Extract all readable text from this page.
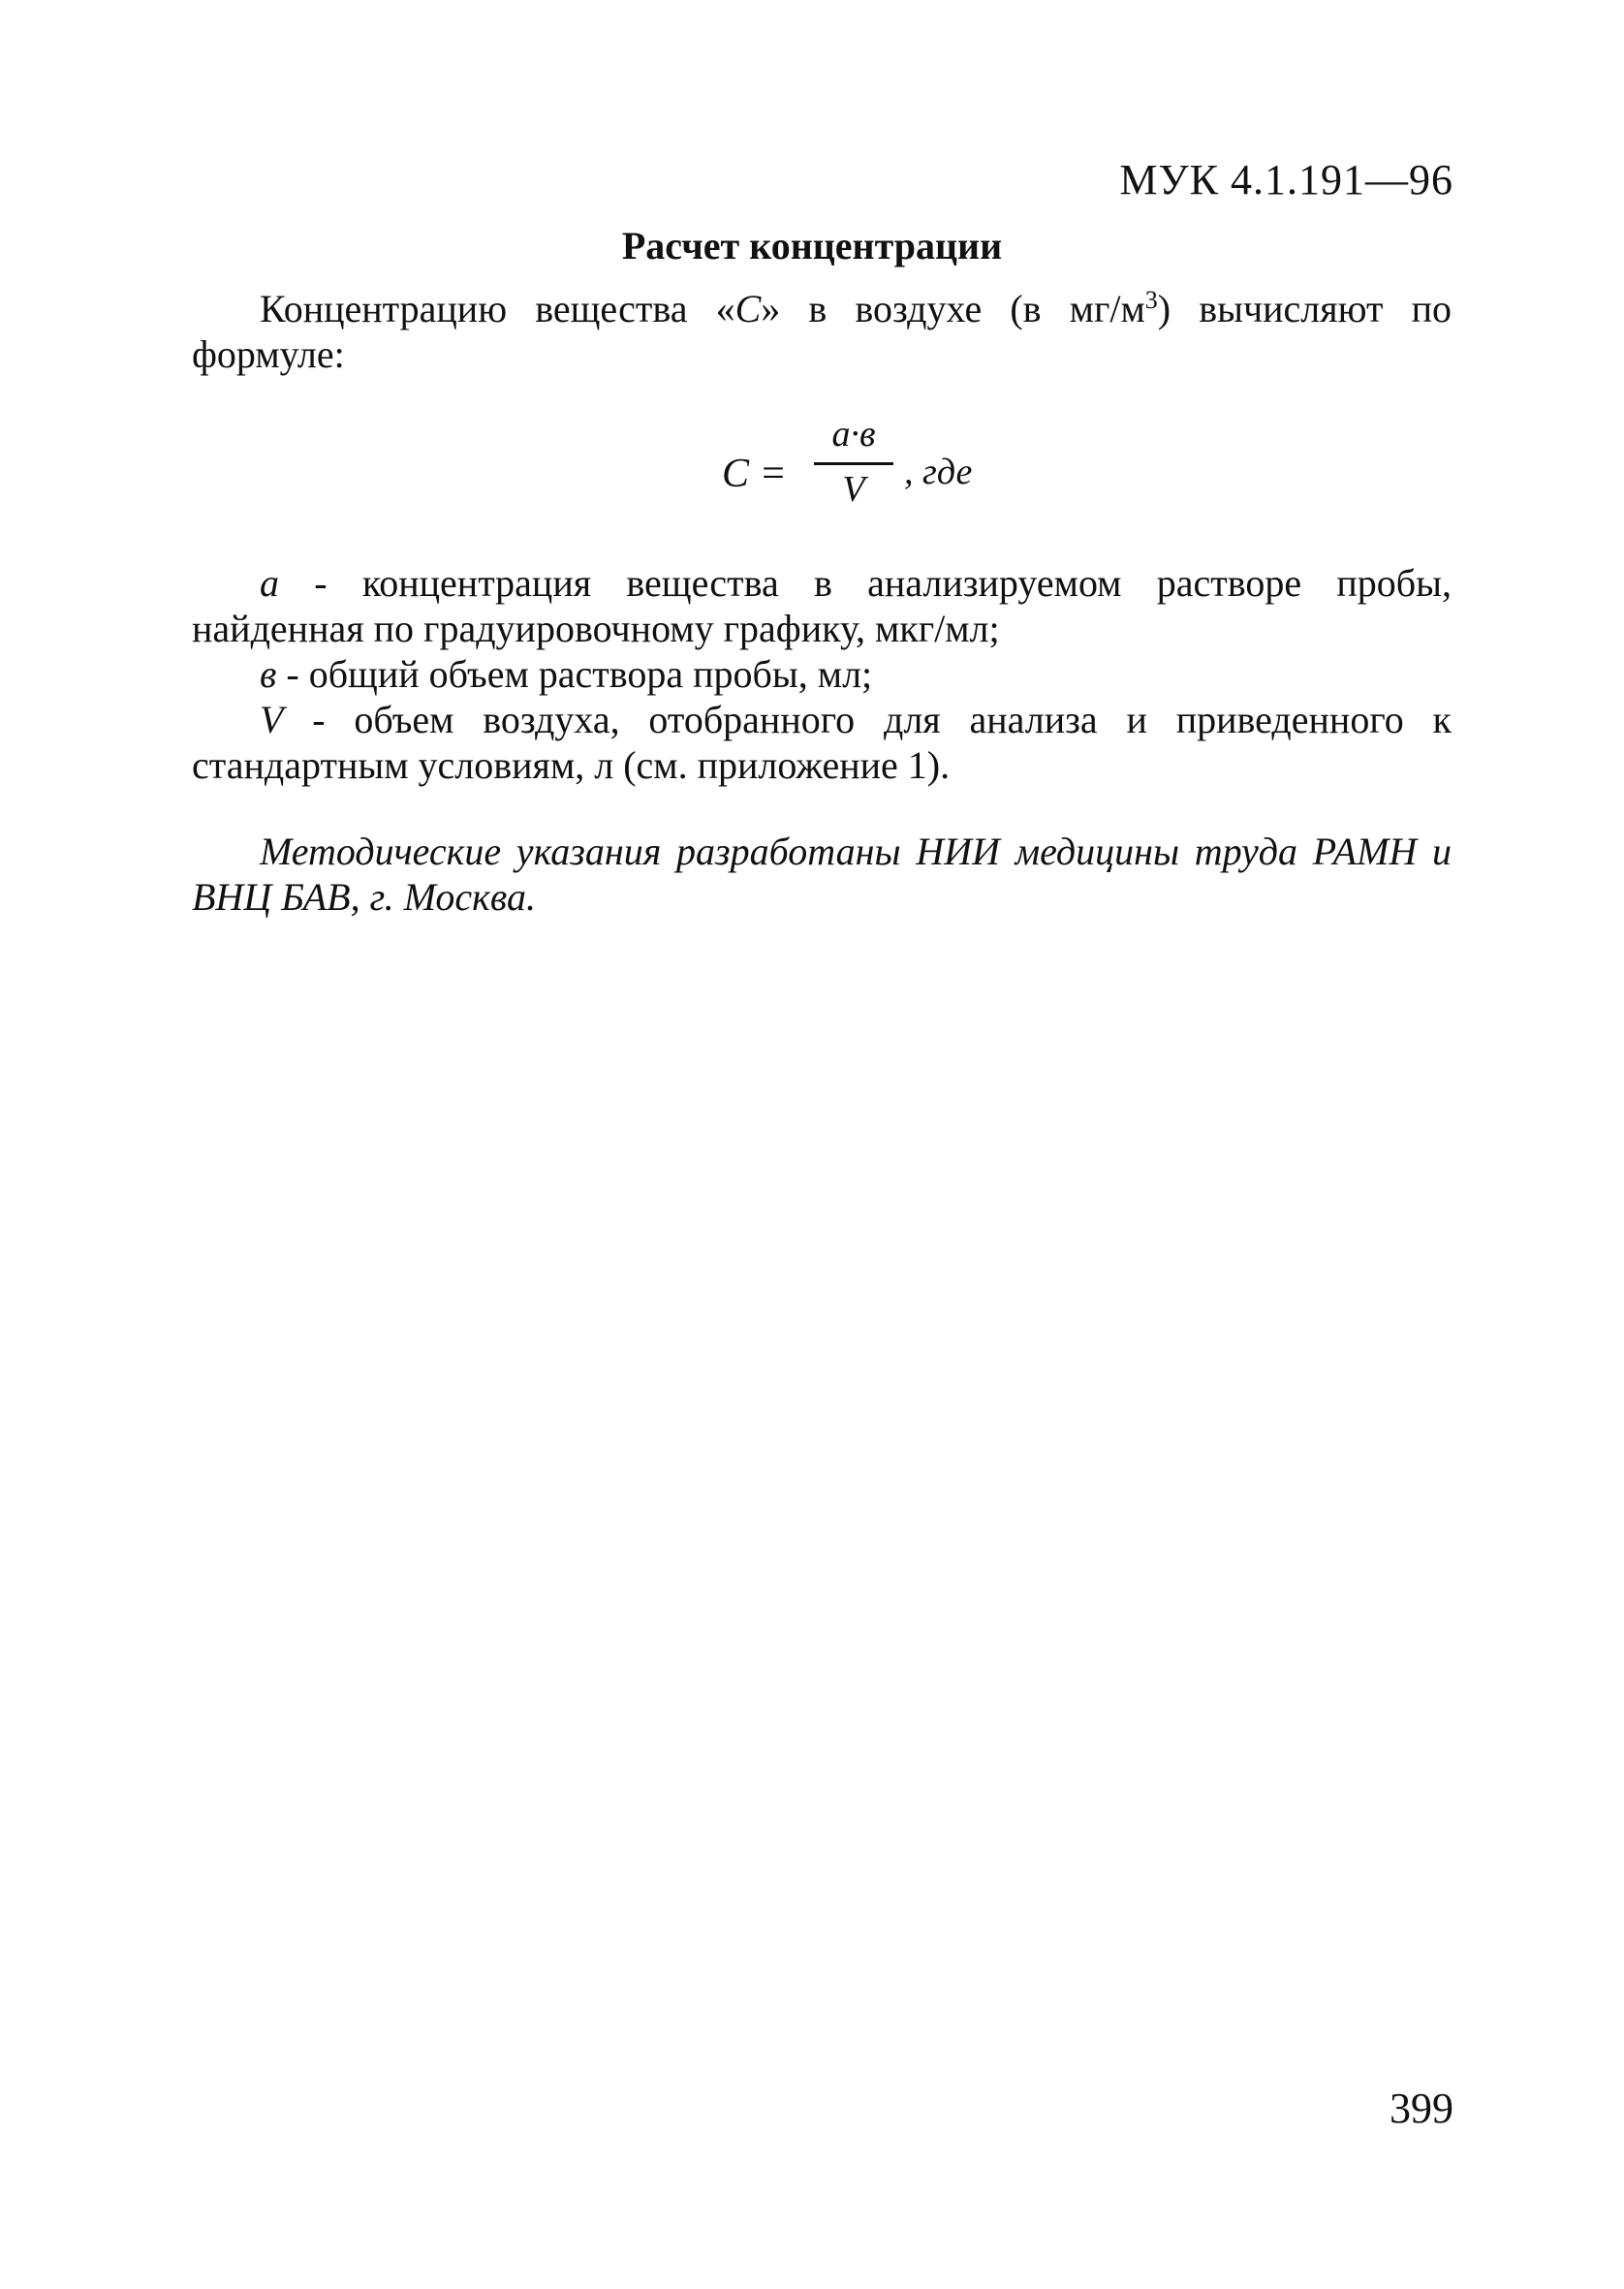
МУК 4.1.191—96
Расчет концентрации
Концентрацию вещества «C» в воздухе (в $мг/м^3$) вычисляют по формуле:
C =
a·в
V	, где
a - концентрация вещества в анализируемом растворе пробы, найденная по градуировочному графику, мкг/мл;
в - общий объем раствора пробы, мл;
V - объем воздуха, отобранного для анализа и приведенного к стандартным условиям, л (см. приложение 1).
Методические указания разработаны НИИ медицины труда РАМН и ВНЦ БАВ, г. Москва.
399
